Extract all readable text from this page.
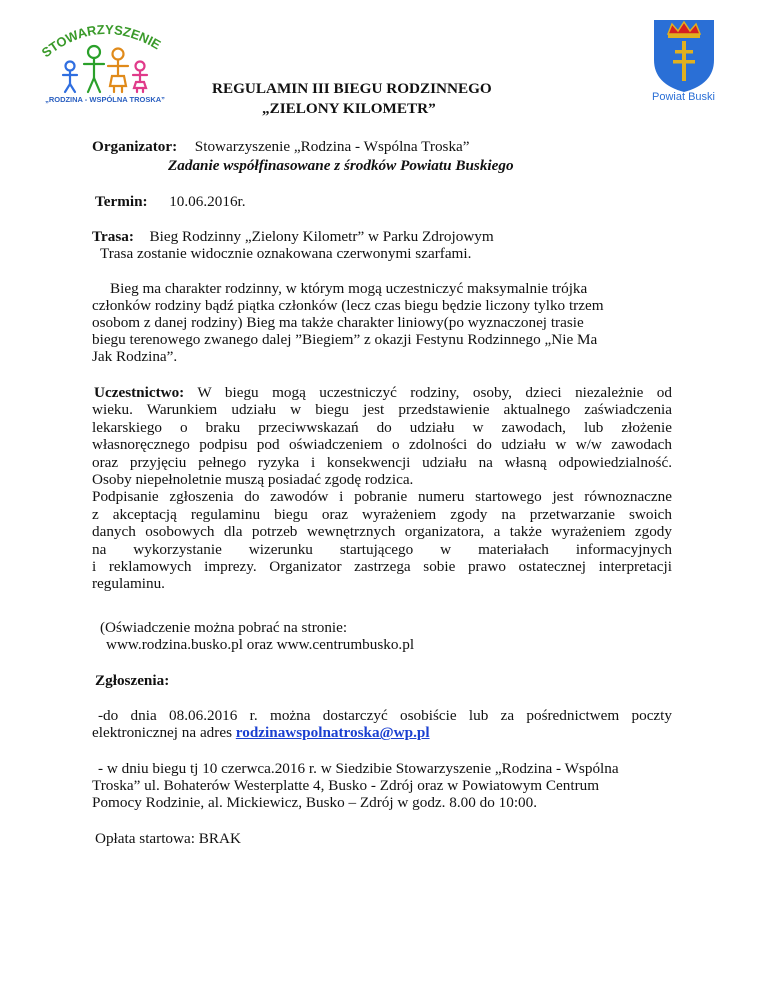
STOWARZYSZENIE
„RODZINA - WSPÓLNA TROSKA”	Powiat Buski
REGULAMIN III BIEGU RODZINNEGO
„ZIELONY KILOMETR”
Organizator: Stowarzyszenie „Rodzina - Wspólna Troska”
Zadanie współfinasowane z środków Powiatu Buskiego
Termin: 10.06.2016r.
Trasa: Bieg Rodzinny „Zielony Kilometr” w Parku Zdrojowym
Trasa zostanie widocznie oznakowana czerwonymi szarfami.
Bieg ma charakter rodzinny, w którym mogą uczestniczyć maksymalnie trójka
członków rodziny bądź piątka członków (lecz czas biegu będzie liczony tylko trzem
osobom z danej rodziny) Bieg ma także charakter liniowy(po wyznaczonej trasie
biegu terenowego zwanego dalej ”Biegiem” z okazji Festynu Rodzinnego „Nie Ma
Jak Rodzina”.
Uczestnictwo: W biegu mogą uczestniczyć rodziny, osoby, dzieci niezależnie od
wieku. Warunkiem udziału w biegu jest przedstawienie aktualnego zaświadczenia
lekarskiego o braku przeciwwskazań do udziału w zawodach, lub złożenie
własnoręcznego podpisu pod oświadczeniem o zdolności do udziału w w/w zawodach
oraz przyjęciu pełnego ryzyka i konsekwencji udziału na własną odpowiedzialność.
Osoby niepełnoletnie muszą posiadać zgodę rodzica.
Podpisanie zgłoszenia do zawodów i pobranie numeru startowego jest równoznaczne
z akceptacją regulaminu biegu oraz wyrażeniem zgody na przetwarzanie swoich
danych osobowych dla potrzeb wewnętrznych organizatora, a także wyrażeniem zgody
na wykorzystanie wizerunku startującego w materiałach informacyjnych
i reklamowych imprezy. Organizator zastrzega sobie prawo ostatecznej interpretacji
regulaminu.
(Oświadczenie można pobrać na stronie:
www.rodzina.busko.pl oraz www.centrumbusko.pl
Zgłoszenia:
-do dnia 08.06.2016 r. można dostarczyć osobiście lub za pośrednictwem poczty
elektronicznej na adres rodzinawspolnatroska@wp.pl
- w dniu biegu tj 10 czerwca.2016 r. w Siedzibie Stowarzyszenie „Rodzina - Wspólna
Troska” ul. Bohaterów Westerplatte 4, Busko - Zdrój oraz w Powiatowym Centrum
Pomocy Rodzinie, al. Mickiewicz, Busko – Zdrój w godz. 8.00 do 10:00.
Opłata startowa: BRAK
